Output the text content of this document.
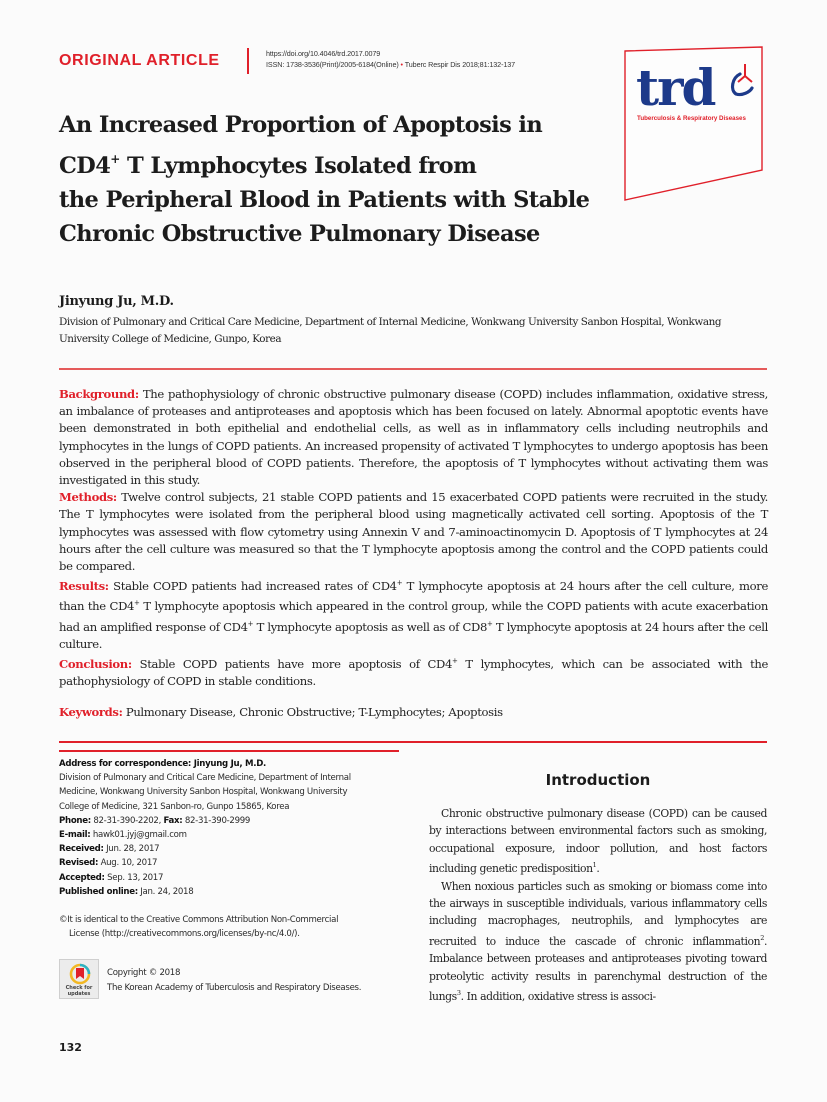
ORIGINAL ARTICLE	https://doi.org/10.4046/trd.2017.0079
ISSN: 1738-3536(Print)/2005-6184(Online) • Tuberc Respir Dis 2018;81:132-137 trd
Tuberculosis & Respiratory Diseases
An Increased Proportion of Apoptosis in
CD4+ T Lymphocytes Isolated from
the Peripheral Blood in Patients with Stable
Chronic Obstructive Pulmonary Disease
Jinyung Ju, M.D.
Division of Pulmonary and Critical Care Medicine, Department of Internal Medicine, Wonkwang University Sanbon Hospital, Wonkwang University College of Medicine, Gunpo, Korea

Background: The pathophysiology of chronic obstructive pulmonary disease (COPD) includes inflammation, oxidative stress, an imbalance of proteases and antiproteases and apoptosis which has been focused on lately. Abnormal apoptotic events have been demonstrated in both epithelial and endothelial cells, as well as in inflammatory cells including neutrophils and lymphocytes in the lungs of COPD patients. An increased propensity of activated T lymphocytes to undergo apoptosis has been observed in the peripheral blood of COPD patients. Therefore, the apoptosis of T lymphocytes without activating them was investigated in this study.

Methods: Twelve control subjects, 21 stable COPD patients and 15 exacerbated COPD patients were recruited in the study. The T lymphocytes were isolated from the peripheral blood using magnetically activated cell sorting. Apoptosis of the T lymphocytes was assessed with flow cytometry using Annexin V and 7-aminoactinomycin D. Apoptosis of T lymphocytes at 24 hours after the cell culture was measured so that the T lymphocyte apoptosis among the control and the COPD patients could be compared.

Results: Stable COPD patients had increased rates of CD4+ T lymphocyte apoptosis at 24 hours after the cell culture, more than the CD4+ T lymphocyte apoptosis which appeared in the control group, while the COPD patients with acute exacerbation had an amplified response of CD4+ T lymphocyte apoptosis as well as of CD8+ T lymphocyte apoptosis at 24 hours after the cell culture.

Conclusion: Stable COPD patients have more apoptosis of CD4+ T lymphocytes, which can be associated with the pathophysiology of COPD in stable conditions.

Keywords: Pulmonary Disease, Chronic Obstructive; T-Lymphocytes; Apoptosis
Address for correspondence: Jinyung Ju, M.D.
Division of Pulmonary and Critical Care Medicine, Department of Internal
Medicine, Wonkwang University Sanbon Hospital, Wonkwang University
College of Medicine, 321 Sanbon-ro, Gunpo 15865, Korea
Phone: 82-31-390-2202, Fax: 82-31-390-2999
E-mail: hawk01.jyj@gmail.com
Received: Jun. 28, 2017
Revised: Aug. 10, 2017
Accepted: Sep. 13, 2017
Published online: Jan. 24, 2018
©It is identical to the Creative Commons Attribution Non-Commercial
License (http://creativecommons.org/licenses/by-nc/4.0/).
Check for
updates
Copyright © 2018
The Korean Academy of Tuberculosis and Respiratory Diseases.
Introduction

Chronic obstructive pulmonary disease (COPD) can be caused by interactions between environmental factors such as smoking, occupational exposure, indoor pollution, and host factors including genetic predisposition$^1$.

When noxious particles such as smoking or biomass come into the airways in susceptible individuals, various inflammatory cells including macrophages, neutrophils, and lymphocytes are recruited to induce the cascade of chronic inflammation$^2$. Imbalance between proteases and antiproteases pivoting toward proteolytic activity results in parenchymal destruction of the lungs$^3$. In addition, oxidative stress is associ-

132
